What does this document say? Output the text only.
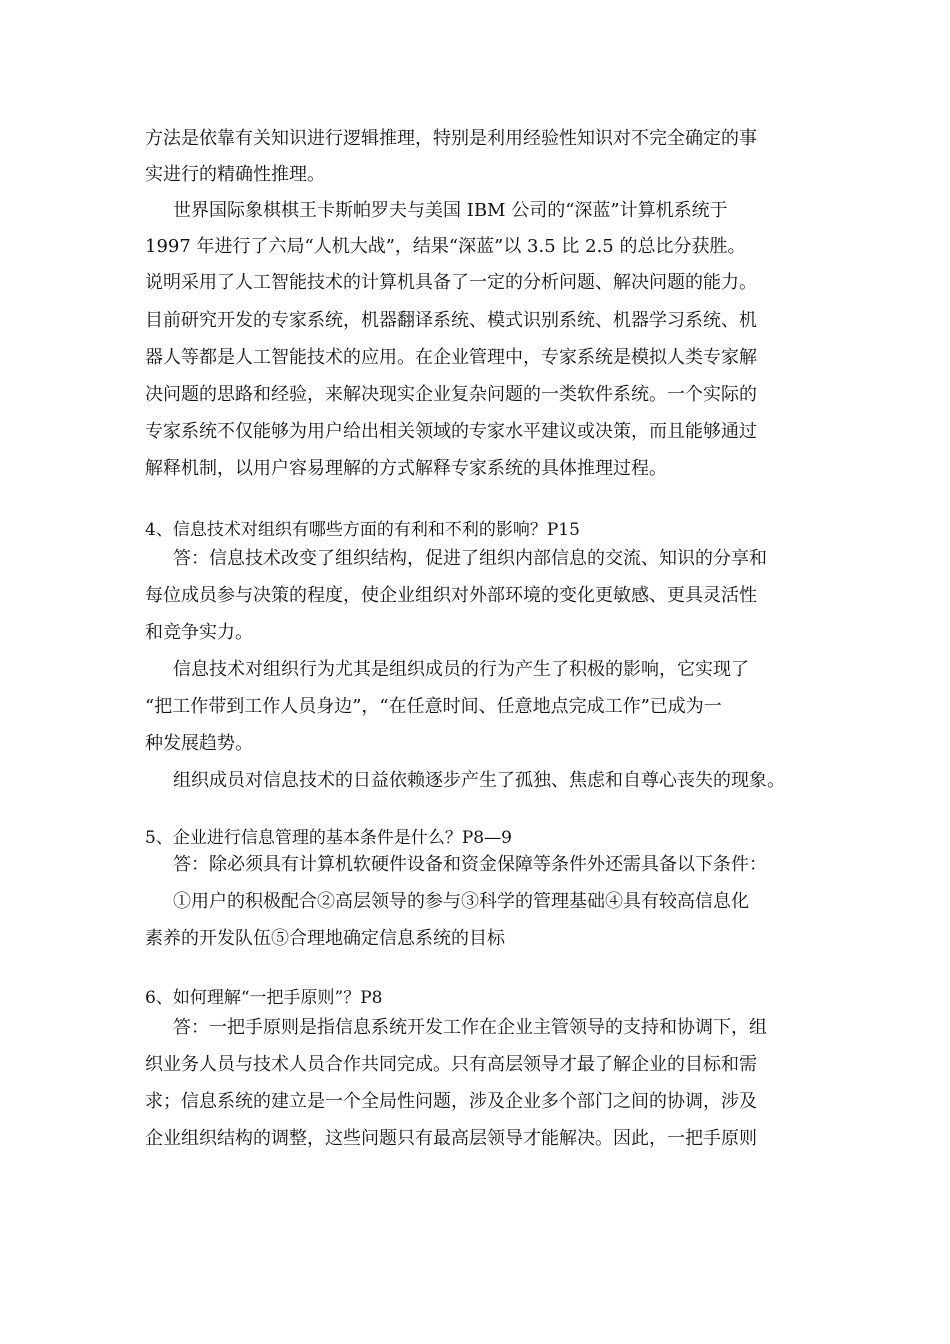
方法是依靠有关知识进行逻辑推理，特别是利用经验性知识对不完全确定的事
实进行的精确性推理。
世界国际象棋棋王卡斯帕罗夫与美国 IBM 公司的“深蓝”计算机系统于
1997 年进行了六局“人机大战”，结果“深蓝”以 3.5 比 2.5 的总比分获胜。
说明采用了人工智能技术的计算机具备了一定的分析问题、解决问题的能力。
目前研究开发的专家系统，机器翻译系统、模式识别系统、机器学习系统、机
器人等都是人工智能技术的应用。在企业管理中，专家系统是模拟人类专家解
决问题的思路和经验，来解决现实企业复杂问题的一类软件系统。一个实际的
专家系统不仅能够为用户给出相关领域的专家水平建议或决策，而且能够通过
解释机制，以用户容易理解的方式解释专家系统的具体推理过程。
4、信息技术对组织有哪些方面的有利和不利的影响？P15
答：信息技术改变了组织结构，促进了组织内部信息的交流、知识的分享和
每位成员参与决策的程度，使企业组织对外部环境的变化更敏感、更具灵活性
和竞争实力。
信息技术对组织行为尤其是组织成员的行为产生了积极的影响，它实现了
“把工作带到工作人员身边”，“在任意时间、任意地点完成工作”已成为一
种发展趋势。
组织成员对信息技术的日益依赖逐步产生了孤独、焦虑和自尊心丧失的现象。
5、企业进行信息管理的基本条件是什么？P8—9
答：除必须具有计算机软硬件设备和资金保障等条件外还需具备以下条件：
①用户的积极配合②高层领导的参与③科学的管理基础④具有较高信息化
素养的开发队伍⑤合理地确定信息系统的目标
6、如何理解“一把手原则”？P8
答：一把手原则是指信息系统开发工作在企业主管领导的支持和协调下，组
织业务人员与技术人员合作共同完成。只有高层领导才最了解企业的目标和需
求；信息系统的建立是一个全局性问题，涉及企业多个部门之间的协调，涉及
企业组织结构的调整，这些问题只有最高层领导才能解决。因此，一把手原则
